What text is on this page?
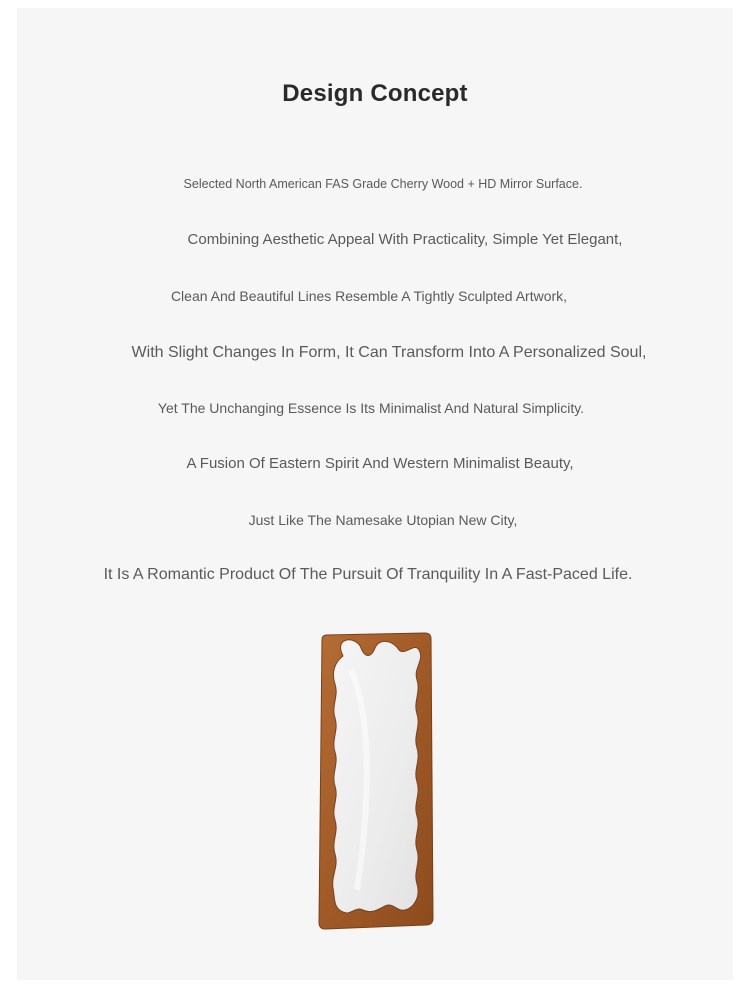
Design Concept
Selected North American FAS Grade Cherry Wood + HD Mirror Surface.
Combining Aesthetic Appeal With Practicality, Simple Yet Elegant,
Clean And Beautiful Lines Resemble A Tightly Sculpted Artwork,
With Slight Changes In Form, It Can Transform Into A Personalized Soul,
Yet The Unchanging Essence Is Its Minimalist And Natural Simplicity.
A Fusion Of Eastern Spirit And Western Minimalist Beauty,
Just Like The Namesake Utopian New City,
It Is A Romantic Product Of The Pursuit Of Tranquility In A Fast-Paced Life.
